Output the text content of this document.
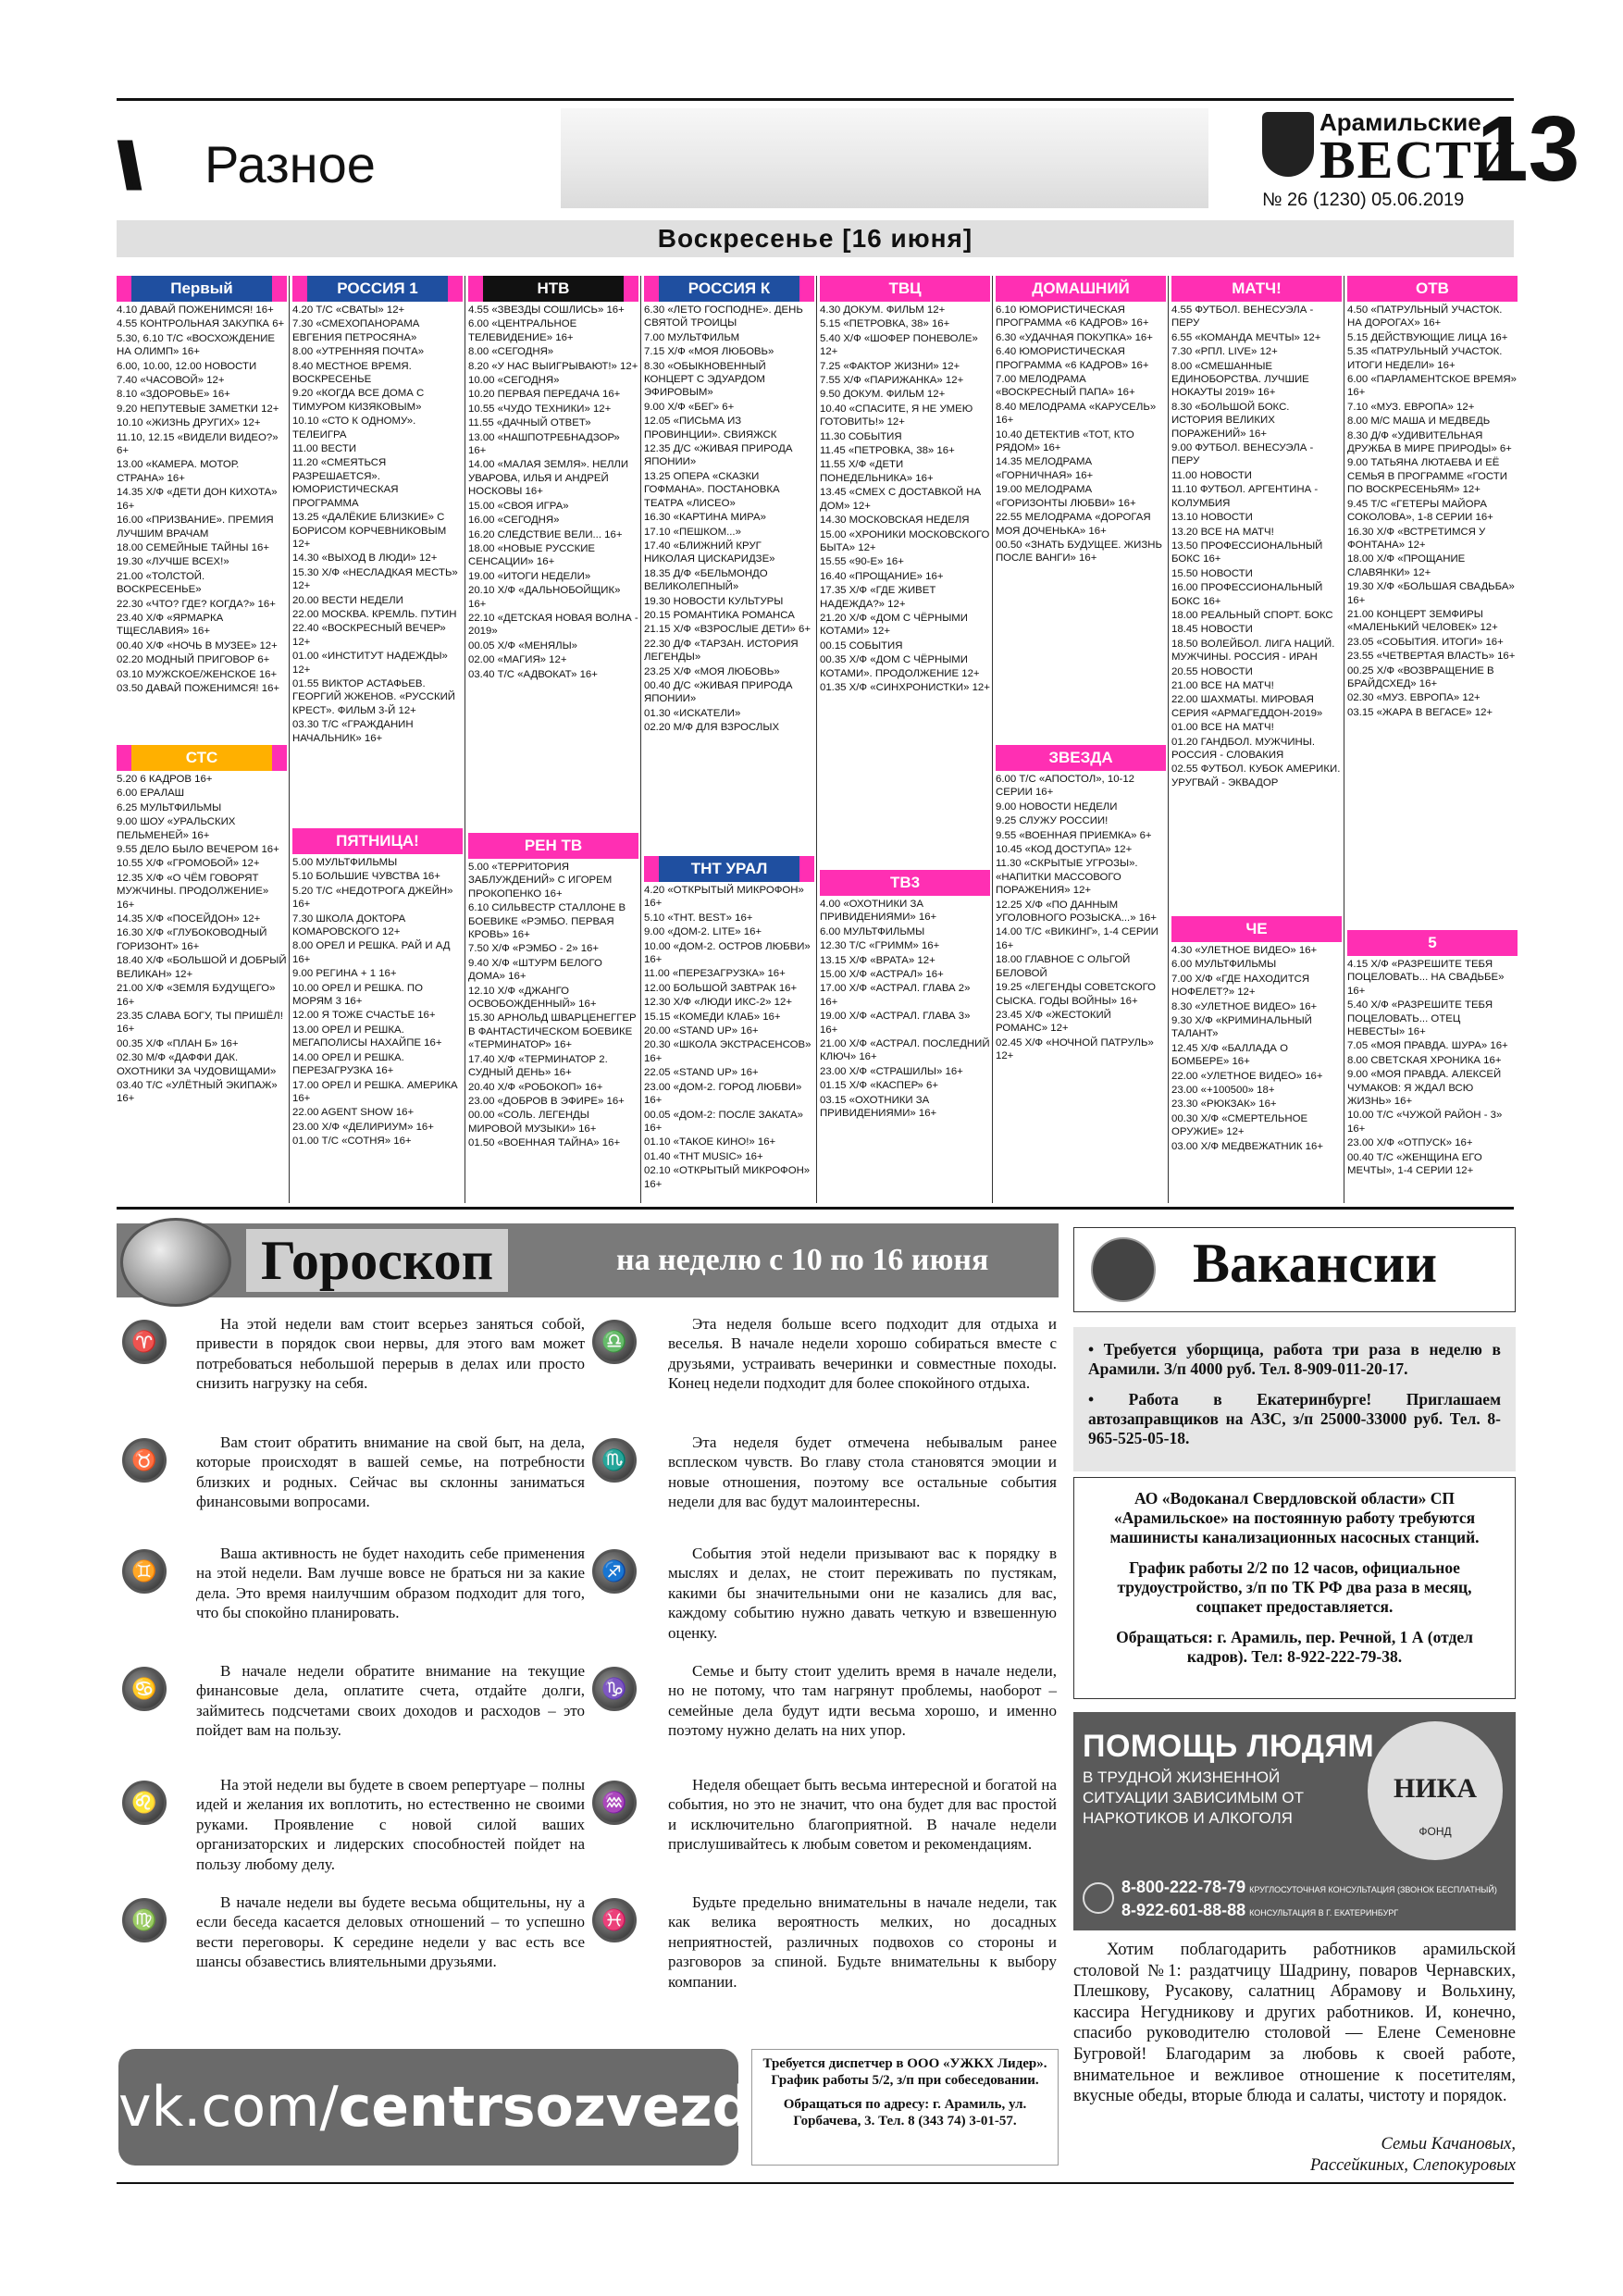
\\ Разное
Арамильские
ВЕСТИ
13
№ 26 (1230) 05.06.2019
Воскресенье [16 июня]
Первый
4.10 ДАВАЙ ПОЖЕНИМСЯ! 16+
4.55 КОНТРОЛЬНАЯ ЗАКУПКА 6+
5.30, 6.10 Т/С «ВОСХОЖДЕНИЕ НА ОЛИМП» 16+
6.00, 10.00, 12.00 НОВОСТИ
7.40 «ЧАСОВОЙ» 12+
8.10 «ЗДОРОВЬЕ» 16+
9.20 НЕПУТЕВЫЕ ЗАМЕТКИ 12+
10.10 «ЖИЗНЬ ДРУГИХ» 12+
11.10, 12.15 «ВИДЕЛИ ВИДЕО?» 6+
13.00 «КАМЕРА. МОТОР. СТРАНА» 16+
14.35 Х/Ф «ДЕТИ ДОН КИХОТА» 16+
16.00 «ПРИЗВАНИЕ». ПРЕМИЯ ЛУЧШИМ ВРАЧАМ
18.00 СЕМЕЙНЫЕ ТАЙНЫ 16+
19.30 «ЛУЧШЕ ВСЕХ!»
21.00 «ТОЛСТОЙ. ВОСКРЕСЕНЬЕ»
22.30 «ЧТО? ГДЕ? КОГДА?» 16+
23.40 Х/Ф «ЯРМАРКА ТЩЕСЛАВИЯ» 16+
00.40 Х/Ф «НОЧЬ В МУЗЕЕ» 12+
02.20 МОДНЫЙ ПРИГОВОР 6+
03.10 МУЖСКОЕ/ЖЕНСКОЕ 16+
03.50 ДАВАЙ ПОЖЕНИМСЯ! 16+
СТС
5.20 6 КАДРОВ 16+
6.00 ЕРАЛАШ
6.25 МУЛЬТФИЛЬМЫ
9.00 ШОУ «УРАЛЬСКИХ ПЕЛЬМЕНЕЙ» 16+
9.55 ДЕЛО БЫЛО ВЕЧЕРОМ 16+
10.55 Х/Ф «ГРОМОБОЙ» 12+
12.35 Х/Ф «О ЧЁМ ГОВОРЯТ МУЖЧИНЫ. ПРОДОЛЖЕНИЕ» 16+
14.35 Х/Ф «ПОСЕЙДОН» 12+
16.30 Х/Ф «ГЛУБОКОВОДНЫЙ ГОРИЗОНТ» 16+
18.40 Х/Ф «БОЛЬШОЙ И ДОБРЫЙ ВЕЛИКАН» 12+
21.00 Х/Ф «ЗЕМЛЯ БУДУЩЕГО» 16+
23.35 СЛАВА БОГУ, ТЫ ПРИШЁЛ! 16+
00.35 Х/Ф «ПЛАН Б» 16+
02.30 М/Ф «ДАФФИ ДАК. ОХОТНИКИ ЗА ЧУДОВИЩАМИ»
03.40 Т/С «УЛЁТНЫЙ ЭКИПАЖ» 16+
РОССИЯ 1
4.20 Т/С «СВАТЫ» 12+
7.30 «СМЕХОПАНОРАМА ЕВГЕНИЯ ПЕТРОСЯНА»
8.00 «УТРЕННЯЯ ПОЧТА»
8.40 МЕСТНОЕ ВРЕМЯ. ВОСКРЕСЕНЬЕ
9.20 «КОГДА ВСЕ ДОМА С ТИМУРОМ КИЗЯКОВЫМ»
10.10 «СТО К ОДНОМУ». ТЕЛЕИГРА
11.00 ВЕСТИ
11.20 «СМЕЯТЬСЯ РАЗРЕШАЕТСЯ». ЮМОРИСТИЧЕСКАЯ ПРОГРАММА
13.25 «ДАЛЁКИЕ БЛИЗКИЕ» С БОРИСОМ КОРЧЕВНИКОВЫМ 12+
14.30 «ВЫХОД В ЛЮДИ» 12+
15.30 Х/Ф «НЕСЛАДКАЯ МЕСТЬ» 12+
20.00 ВЕСТИ НЕДЕЛИ
22.00 МОСКВА. КРЕМЛЬ. ПУТИН
22.40 «ВОСКРЕСНЫЙ ВЕЧЕР» 12+
01.00 «ИНСТИТУТ НАДЕЖДЫ» 12+
01.55 ВИКТОР АСТАФЬЕВ. ГЕОРГИЙ ЖЖЕНОВ. «РУССКИЙ КРЕСТ». ФИЛЬМ 3-Й 12+
03.30 Т/С «ГРАЖДАНИН НАЧАЛЬНИК» 16+
ПЯТНИЦА!
5.00 МУЛЬТФИЛЬМЫ
5.10 БОЛЬШИЕ ЧУВСТВА 16+
5.20 Т/С «НЕДОТРОГА ДЖЕЙН» 16+
7.30 ШКОЛА ДОКТОРА КОМАРОВСКОГО 12+
8.00 ОРЕЛ И РЕШКА. РАЙ И АД 16+
9.00 РЕГИНА + 1 16+
10.00 ОРЕЛ И РЕШКА. ПО МОРЯМ 3 16+
12.00 Я ТОЖЕ СЧАСТЬЕ 16+
13.00 ОРЕЛ И РЕШКА. МЕГАПОЛИСЫ НАХАЙПЕ 16+
14.00 ОРЕЛ И РЕШКА. ПЕРЕЗАГРУЗКА 16+
17.00 ОРЕЛ И РЕШКА. АМЕРИКА 16+
22.00 AGENT SHOW 16+
23.00 Х/Ф «ДЕЛИРИУМ» 16+
01.00 Т/С «СОТНЯ» 16+
НТВ
4.55 «ЗВЕЗДЫ СОШЛИСЬ» 16+
6.00 «ЦЕНТРАЛЬНОЕ ТЕЛЕВИДЕНИЕ» 16+
8.00 «СЕГОДНЯ»
8.20 «У НАС ВЫИГРЫВАЮТ!» 12+
10.00 «СЕГОДНЯ»
10.20 ПЕРВАЯ ПЕРЕДАЧА 16+
10.55 «ЧУДО ТЕХНИКИ» 12+
11.55 «ДАЧНЫЙ ОТВЕТ»
13.00 «НАШПОТРЕБНАДЗОР» 16+
14.00 «МАЛАЯ ЗЕМЛЯ». НЕЛЛИ УВАРОВА, ИЛЬЯ И АНДРЕЙ НОСКОВЫ 16+
15.00 «СВОЯ ИГРА»
16.00 «СЕГОДНЯ»
16.20 СЛЕДСТВИЕ ВЕЛИ... 16+
18.00 «НОВЫЕ РУССКИЕ СЕНСАЦИИ» 16+
19.00 «ИТОГИ НЕДЕЛИ»
20.10 Х/Ф «ДАЛЬНОБОЙЩИК» 16+
22.10 «ДЕТСКАЯ НОВАЯ ВОЛНА - 2019»
00.05 Х/Ф «МЕНЯЛЫ»
02.00 «МАГИЯ» 12+
03.40 Т/С «АДВОКАТ» 16+
РЕН ТВ
5.00 «ТЕРРИТОРИЯ ЗАБЛУЖДЕНИЙ» С ИГОРЕМ ПРОКОПЕНКО 16+
6.10 СИЛЬВЕСТР СТАЛЛОНЕ В БОЕВИКЕ «РЭМБО. ПЕРВАЯ КРОВЬ» 16+
7.50 Х/Ф «РЭМБО - 2» 16+
9.40 Х/Ф «ШТУРМ БЕЛОГО ДОМА» 16+
12.10 Х/Ф «ДЖАНГО ОСВОБОЖДЕННЫЙ» 16+
15.30 АРНОЛЬД ШВАРЦЕНЕГГЕР В ФАНТАСТИЧЕСКОМ БОЕВИКЕ «ТЕРМИНАТОР» 16+
17.40 Х/Ф «ТЕРМИНАТОР 2. СУДНЫЙ ДЕНЬ» 16+
20.40 Х/Ф «РОБОКОП» 16+
23.00 «ДОБРОВ В ЭФИРЕ» 16+
00.00 «СОЛЬ. ЛЕГЕНДЫ МИРОВОЙ МУЗЫКИ» 16+
01.50 «ВОЕННАЯ ТАЙНА» 16+
РОССИЯ К
6.30 «ЛЕТО ГОСПОДНЕ». ДЕНЬ СВЯТОЙ ТРОИЦЫ
7.00 МУЛЬТФИЛЬМ
7.15 Х/Ф «МОЯ ЛЮБОВЬ»
8.30 «ОБЫКНОВЕННЫЙ КОНЦЕРТ С ЭДУАРДОМ ЭФИРОВЫМ»
9.00 Х/Ф «БЕГ» 6+
12.05 «ПИСЬМА ИЗ ПРОВИНЦИИ». СВИЯЖСК
12.35 Д/С «ЖИВАЯ ПРИРОДА ЯПОНИИ»
13.25 ОПЕРА «СКАЗКИ ГОФМАНА». ПОСТАНОВКА ТЕАТРА «ЛИСЕО»
16.30 «КАРТИНА МИРА»
17.10 «ПЕШКОМ...»
17.40 «БЛИЖНИЙ КРУГ НИКОЛАЯ ЦИСКАРИДЗЕ»
18.35 Д/Ф «БЕЛЬМОНДО ВЕЛИКОЛЕПНЫЙ»
19.30 НОВОСТИ КУЛЬТУРЫ
20.15 РОМАНТИКА РОМАНСА
21.15 Х/Ф «ВЗРОСЛЫЕ ДЕТИ» 6+
22.30 Д/Ф «ТАРЗАН. ИСТОРИЯ ЛЕГЕНДЫ»
23.25 Х/Ф «МОЯ ЛЮБОВЬ»
00.40 Д/С «ЖИВАЯ ПРИРОДА ЯПОНИИ»
01.30 «ИСКАТЕЛИ»
02.20 М/Ф ДЛЯ ВЗРОСЛЫХ
ТНТ УРАЛ
4.20 «ОТКРЫТЫЙ МИКРОФОН» 16+
5.10 «THT. BEST» 16+
9.00 «ДОМ-2. LITE» 16+
10.00 «ДОМ-2. ОСТРОВ ЛЮБВИ» 16+
11.00 «ПЕРЕЗАГРУЗКА» 16+
12.00 БОЛЬШОЙ ЗАВТРАК 16+
12.30 Х/Ф «ЛЮДИ ИКС-2» 12+
15.15 «КОМЕДИ КЛАБ» 16+
20.00 «STAND UP» 16+
20.30 «ШКОЛА ЭКСТРАСЕНСОВ» 16+
22.05 «STAND UP» 16+
23.00 «ДОМ-2. ГОРОД ЛЮБВИ» 16+
00.05 «ДОМ-2: ПОСЛЕ ЗАКАТА» 16+
01.10 «ТАКОЕ КИНО!» 16+
01.40 «THT MUSIC» 16+
02.10 «ОТКРЫТЫЙ МИКРОФОН» 16+
ТВЦ
4.30 ДОКУМ. ФИЛЬМ 12+
5.15 «ПЕТРОВКА, 38» 16+
5.40 Х/Ф «ШОФЕР ПОНЕВОЛЕ» 12+
7.25 «ФАКТОР ЖИЗНИ» 12+
7.55 Х/Ф «ПАРИЖАНКА» 12+
9.50 ДОКУМ. ФИЛЬМ 12+
10.40 «СПАСИТЕ, Я НЕ УМЕЮ ГОТОВИТЬ!» 12+
11.30 СОБЫТИЯ
11.45 «ПЕТРОВКА, 38» 16+
11.55 Х/Ф «ДЕТИ ПОНЕДЕЛЬНИКА» 16+
13.45 «СМЕХ С ДОСТАВКОЙ НА ДОМ» 12+
14.30 МОСКОВСКАЯ НЕДЕЛЯ
15.00 «ХРОНИКИ МОСКОВСКОГО БЫТА» 12+
15.55 «90-Е» 16+
16.40 «ПРОЩАНИЕ» 16+
17.35 Х/Ф «ГДЕ ЖИВЕТ НАДЕЖДА?» 12+
21.20 Х/Ф «ДОМ С ЧЁРНЫМИ КОТАМИ» 12+
00.15 СОБЫТИЯ
00.35 Х/Ф «ДОМ С ЧЁРНЫМИ КОТАМИ». ПРОДОЛЖЕНИЕ 12+
01.35 Х/Ф «СИНХРОНИСТКИ» 12+
ТВ3
4.00 «ОХОТНИКИ ЗА ПРИВИДЕНИЯМИ» 16+
6.00 МУЛЬТФИЛЬМЫ
12.30 Т/С «ГРИММ» 16+
13.15 Х/Ф «ВРАТА» 12+
15.00 Х/Ф «АСТРАЛ» 16+
17.00 Х/Ф «АСТРАЛ. ГЛАВА 2» 16+
19.00 Х/Ф «АСТРАЛ. ГЛАВА 3» 16+
21.00 Х/Ф «АСТРАЛ. ПОСЛЕДНИЙ КЛЮЧ» 16+
23.00 Х/Ф «СТРАШИЛЫ» 16+
01.15 Х/Ф «КАСПЕР» 6+
03.15 «ОХОТНИКИ ЗА ПРИВИДЕНИЯМИ» 16+
ДОМАШНИЙ
6.10 ЮМОРИСТИЧЕСКАЯ ПРОГРАММА «6 КАДРОВ» 16+
6.30 «УДАЧНАЯ ПОКУПКА» 16+
6.40 ЮМОРИСТИЧЕСКАЯ ПРОГРАММА «6 КАДРОВ» 16+
7.00 МЕЛОДРАМА «ВОСКРЕСНЫЙ ПАПА» 16+
8.40 МЕЛОДРАМА «КАРУСЕЛЬ» 16+
10.40 ДЕТЕКТИВ «ТОТ, КТО РЯДОМ» 16+
14.35 МЕЛОДРАМА «ГОРНИЧНАЯ» 16+
19.00 МЕЛОДРАМА «ГОРИЗОНТЫ ЛЮБВИ» 16+
22.55 МЕЛОДРАМА «ДОРОГАЯ МОЯ ДОЧЕНЬКА» 16+
00.50 «ЗНАТЬ БУДУЩЕЕ. ЖИЗНЬ ПОСЛЕ ВАНГИ» 16+
ЗВЕЗДА
6.00 Т/С «АПОСТОЛ», 10-12 СЕРИИ 16+
9.00 НОВОСТИ НЕДЕЛИ
9.25 СЛУЖУ РОССИИ!
9.55 «ВОЕННАЯ ПРИЕМКА» 6+
10.45 «КОД ДОСТУПА» 12+
11.30 «СКРЫТЫЕ УГРОЗЫ». «НАПИТКИ МАССОВОГО ПОРАЖЕНИЯ» 12+
12.25 Х/Ф «ПО ДАННЫМ УГОЛОВНОГО РОЗЫСКА...» 16+
14.00 Т/С «ВИКИНГ», 1-4 СЕРИИ 16+
18.00 ГЛАВНОЕ С ОЛЬГОЙ БЕЛОВОЙ
19.25 «ЛЕГЕНДЫ СОВЕТСКОГО СЫСКА. ГОДЫ ВОЙНЫ» 16+
23.45 Х/Ф «ЖЕСТОКИЙ РОМАНС» 12+
02.45 Х/Ф «НОЧНОЙ ПАТРУЛЬ» 12+
МАТЧ!
4.55 ФУТБОЛ. ВЕНЕСУЭЛА - ПЕРУ
6.55 «КОМАНДА МЕЧТЫ» 12+
7.30 «РПЛ. LIVE» 12+
8.00 «СМЕШАННЫЕ ЕДИНОБОРСТВА. ЛУЧШИЕ НОКАУТЫ 2019» 16+
8.30 «БОЛЬШОЙ БОКС. ИСТОРИЯ ВЕЛИКИХ ПОРАЖЕНИЙ» 16+
9.00 ФУТБОЛ. ВЕНЕСУЭЛА - ПЕРУ
11.00 НОВОСТИ
11.10 ФУТБОЛ. АРГЕНТИНА - КОЛУМБИЯ
13.10 НОВОСТИ
13.20 ВСЕ НА МАТЧ!
13.50 ПРОФЕССИОНАЛЬНЫЙ БОКС 16+
15.50 НОВОСТИ
16.00 ПРОФЕССИОНАЛЬНЫЙ БОКС 16+
18.00 РЕАЛЬНЫЙ СПОРТ. БОКС
18.45 НОВОСТИ
18.50 ВОЛЕЙБОЛ. ЛИГА НАЦИЙ. МУЖЧИНЫ. РОССИЯ - ИРАН
20.55 НОВОСТИ
21.00 ВСЕ НА МАТЧ!
22.00 ШАХМАТЫ. МИРОВАЯ СЕРИЯ «АРМАГЕДДОН-2019»
01.00 ВСЕ НА МАТЧ!
01.20 ГАНДБОЛ. МУЖЧИНЫ. РОССИЯ - СЛОВАКИЯ
02.55 ФУТБОЛ. КУБОК АМЕРИКИ. УРУГВАЙ - ЭКВАДОР
ЧЕ
4.30 «УЛЕТНОЕ ВИДЕО» 16+
6.00 МУЛЬТФИЛЬМЫ
7.00 Х/Ф «ГДЕ НАХОДИТСЯ НОФЕЛЕТ?» 12+
8.30 «УЛЕТНОЕ ВИДЕО» 16+
9.30 Х/Ф «КРИМИНАЛЬНЫЙ ТАЛАНТ»
12.45 Х/Ф «БАЛЛАДА О БОМБЕРЕ» 16+
22.00 «УЛЕТНОЕ ВИДЕО» 16+
23.00 «+100500» 18+
23.30 «РЮКЗАК» 16+
00.30 Х/Ф «СМЕРТЕЛЬНОЕ ОРУЖИЕ» 12+
03.00 Х/Ф МЕДВЕЖАТНИК 16+
ОТВ
4.50 «ПАТРУЛЬНЫЙ УЧАСТОК. НА ДОРОГАХ» 16+
5.15 ДЕЙСТВУЮЩИЕ ЛИЦА 16+
5.35 «ПАТРУЛЬНЫЙ УЧАСТОК. ИТОГИ НЕДЕЛИ» 16+
6.00 «ПАРЛАМЕНТСКОЕ ВРЕМЯ» 16+
7.10 «МУЗ. ЕВРОПА» 12+
8.00 М/С МАША И МЕДВЕДЬ
8.30 Д/Ф «УДИВИТЕЛЬНАЯ ДРУЖБА В МИРЕ ПРИРОДЫ» 6+
9.00 ТАТЬЯНА ЛЮТАЕВА И ЕЁ СЕМЬЯ В ПРОГРАММЕ «ГОСТИ ПО ВОСКРЕСЕНЬЯМ» 12+
9.45 Т/С «ГЕТЕРЫ МАЙОРА СОКОЛОВА», 1-8 СЕРИИ 16+
16.30 Х/Ф «ВСТРЕТИМСЯ У ФОНТАНА» 12+
18.00 Х/Ф «ПРОЩАНИЕ СЛАВЯНКИ» 12+
19.30 Х/Ф «БОЛЬШАЯ СВАДЬБА» 16+
21.00 КОНЦЕРТ ЗЕМФИРЫ «МАЛЕНЬКИЙ ЧЕЛОВЕК» 12+
23.05 «СОБЫТИЯ. ИТОГИ» 16+
23.55 «ЧЕТВЕРТАЯ ВЛАСТЬ» 16+
00.25 Х/Ф «ВОЗВРАЩЕНИЕ В БРАЙДСХЕД» 16+
02.30 «МУЗ. ЕВРОПА» 12+
03.15 «ЖАРА В ВЕГАСЕ» 12+
5
4.15 Х/Ф «РАЗРЕШИТЕ ТЕБЯ ПОЦЕЛОВАТЬ... НА СВАДЬБЕ» 16+
5.40 Х/Ф «РАЗРЕШИТЕ ТЕБЯ ПОЦЕЛОВАТЬ... ОТЕЦ НЕВЕСТЫ» 16+
7.05 «МОЯ ПРАВДА. ШУРА» 16+
8.00 СВЕТСКАЯ ХРОНИКА 16+
9.00 «МОЯ ПРАВДА. АЛЕКСЕЙ ЧУМАКОВ: Я ЖДАЛ ВСЮ ЖИЗНЬ» 16+
10.00 Т/С «ЧУЖОЙ РАЙОН - 3» 16+
23.00 Х/Ф «ОТПУСК» 16+
00.40 Т/С «ЖЕНЩИНА ЕГО МЕЧТЫ», 1-4 СЕРИИ 12+
Гороскоп	на неделю с 10 по 16 июня
♈
На этой недели вам стоит всерьез заняться собой, привести в порядок свои нервы, для этого вам может потребоваться небольшой перерыв в делах или просто снизить нагрузку на себя.
♉
Вам стоит обратить внимание на свой быт, на дела, которые происходят в вашей семье, на потребности близких и родных. Сейчас вы склонны заниматься финансовыми вопросами.
♊
Ваша активность не будет находить себе применения на этой недели. Вам лучше вовсе не браться ни за какие дела. Это время наилучшим образом подходит для того, что бы спокойно планировать.
♋
В начале недели обратите внимание на текущие финансовые дела, оплатите счета, отдайте долги, займитесь подсчетами своих доходов и расходов – это пойдет вам на пользу.
♌
На этой недели вы будете в своем репертуаре – полны идей и желания их воплотить, но естественно не своими руками. Проявление с новой силой ваших организаторских и лидерских способностей пойдет на пользу любому делу.
♍
В начале недели вы будете весьма общительны, ну а если беседа касается деловых отношений – то успешно вести переговоры. К середине недели у вас есть все шансы обзавестись влиятельными друзьями.
♎
Эта неделя больше всего подходит для отдыха и веселья. В начале недели хорошо собираться вместе с друзьями, устраивать вечеринки и совместные походы. Конец недели подходит для более спокойного отдыха.
♏
Эта неделя будет отмечена небывалым ранее всплеском чувств. Во главу стола становятся эмоции и новые отношения, поэтому все остальные события недели для вас будут малоинтересны.
♐
События этой недели призывают вас к порядку в мыслях и делах, не стоит переживать по пустякам, какими бы значительными они не казались для вас, каждому событию нужно давать четкую и взвешенную оценку.
♑
Семье и быту стоит уделить время в начале недели, но не потому, что там нагрянут проблемы, наоборот – семейные дела будут идти весьма хорошо, и именно поэтому нужно делать на них упор.
♒
Неделя обещает быть весьма интересной и богатой на события, но это не значит, что она будет для вас простой и исключительно благоприятной. В начале недели прислушивайтесь к любым советом и рекомендациям.
♓
Будьте предельно внимательны в начале недели, так как велика вероятность мелких, но досадных неприятностей, различных подвохов со стороны и разговоров за спиной. Будьте внимательны к выбору компании.
Вакансии

• Требуется уборщица, работа три раза в неделю в Арамили. З/п 4000 руб. Тел. 8-909-011-20-17.

• Работа в Екатеринбурге! Приглашаем автозаправщиков на АЗС, з/п 25000-33000 руб. Тел. 8-965-525-05-18.

АО «Водоканал Свердловской области» СП «Арамильское» на постоянную работу требуются машинисты канализационных насосных станций.

График работы 2/2 по 12 часов, официальное трудоустройство, з/п по ТК РФ два раза в месяц, соцпакет предоставляется.

Обращаться: г. Арамиль, пер. Речной, 1 А (отдел кадров). Тел: 8-922-222-79-38.

ПОМОЩЬ ЛЮДЯМ
В ТРУДНОЙ ЖИЗНЕННОЙ СИТУАЦИИ ЗАВИСИМЫМ ОТ НАРКОТИКОВ И АЛКОГОЛЯ
НИКА
ФОНД
8-800-222-78-79 КРУГЛОСУТОЧНАЯ КОНСУЛЬТАЦИЯ (ЗВОНОК БЕСПЛАТНЫЙ)
8-922-601-88-88 КОНСУЛЬТАЦИЯ В Г. ЕКАТЕРИНБУРГ
Хотим поблагодарить работников арамильской столовой №1: раздатчицу Шадрину, поваров Чернавских, Плешкову, Русакову, салатниц Абрамову и Вольхину, кассира Негудникову и других работников. И, конечно, спасибо руководителю столовой — Елене Семеновне Бугровой! Благодарим за любовь к своей работе, внимательное и вежливое отношение к посетителям, вкусные обеды, вторые блюда и салаты, чистоту и порядок.
Семьи Качановых,
Рассейкиных, Слепокуровых
vk.com/centrsozvezdye

Требуется диспетчер в ООО «УЖКХ Лидер». График работы 5/2, з/п при собеседовании.

Обращаться по адресу: г. Арамиль, ул. Горбачева, 3. Тел. 8 (343 74) 3-01-57.
